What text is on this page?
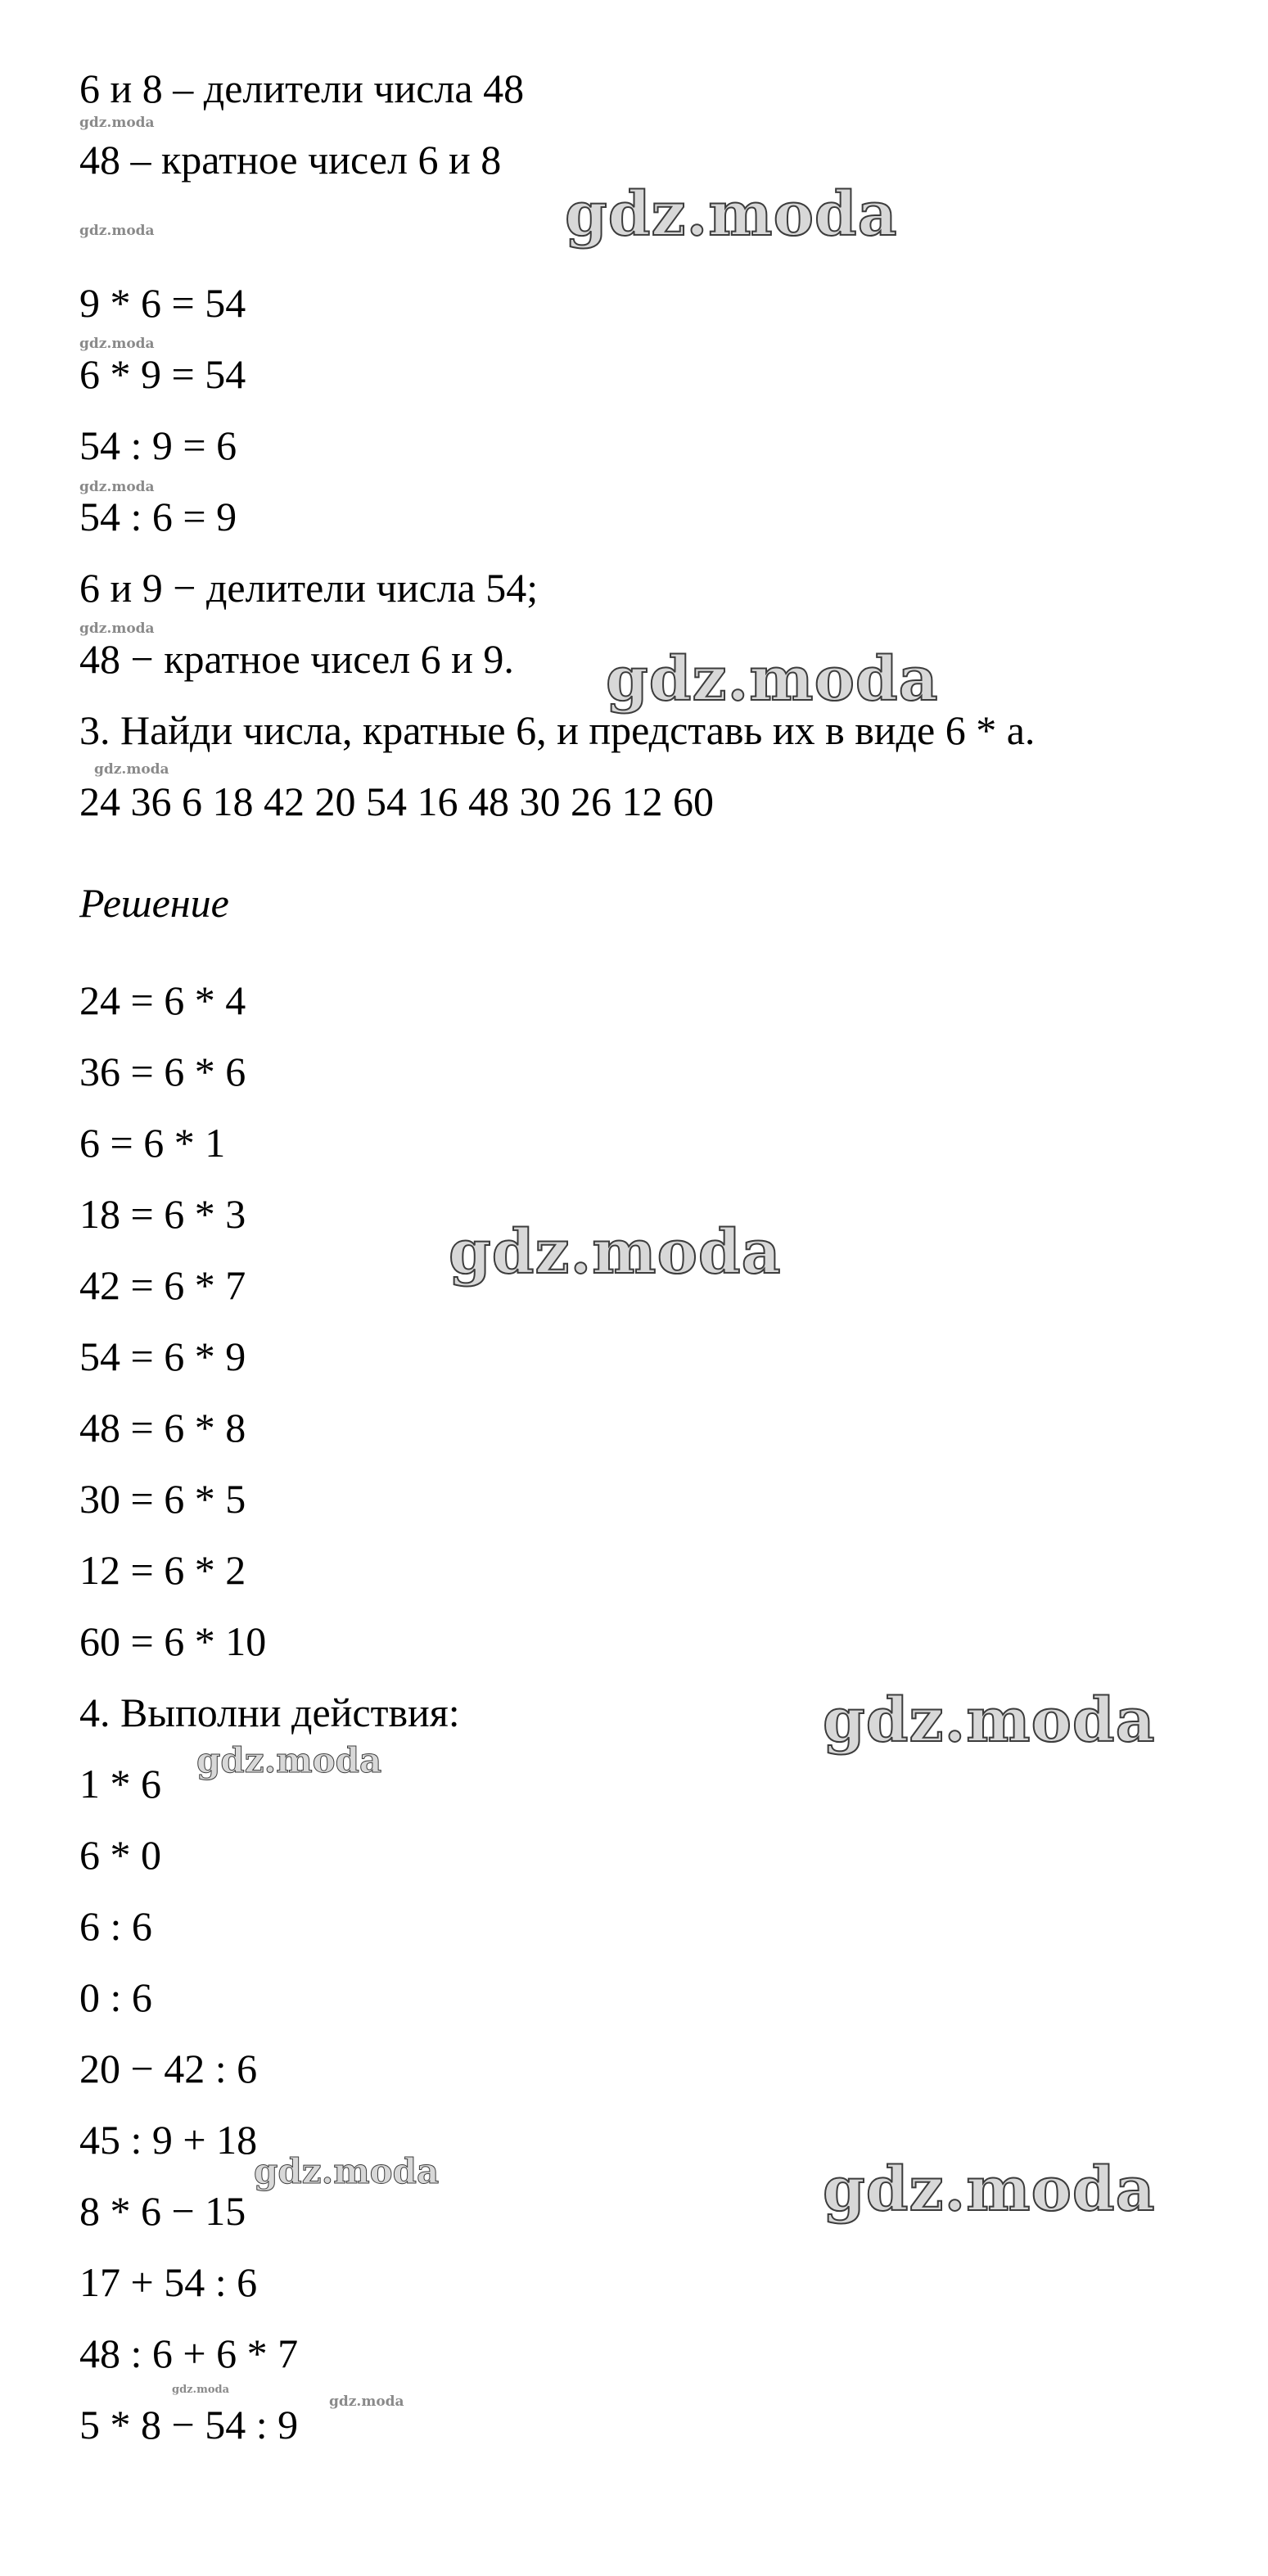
6 и 8 – делители числа 48
48 – кратное чисел 6 и 8
9 * 6 = 54
6 * 9 = 54
54 : 9 = 6
54 : 6 = 9
6 и 9 − делители числа 54;
48 − кратное чисел 6 и 9.
3. Найди числа, кратные 6, и представь их в виде 6 * a.
24 36 6 18 42 20 54 16 48 30 26 12 60
Решение
24 = 6 * 4
36 = 6 * 6
6 = 6 * 1
18 = 6 * 3
42 = 6 * 7
54 = 6 * 9
48 = 6 * 8
30 = 6 * 5
12 = 6 * 2
60 = 6 * 10
4. Выполни действия:
1 * 6
6 * 0
6 : 6
0 : 6
20 − 42 : 6
45 : 9 + 18
8 * 6 − 15
17 + 54 : 6
48 : 6 + 6 * 7
5 * 8 − 54 : 9
gdz.moda
gdz.moda
gdz.moda
gdz.moda
gdz.moda
gdz.moda
gdz.moda
gdz.moda
gdz.moda
gdz.moda
gdz.moda
gdz.moda
gdz.moda
gdz.moda
gdz.moda
